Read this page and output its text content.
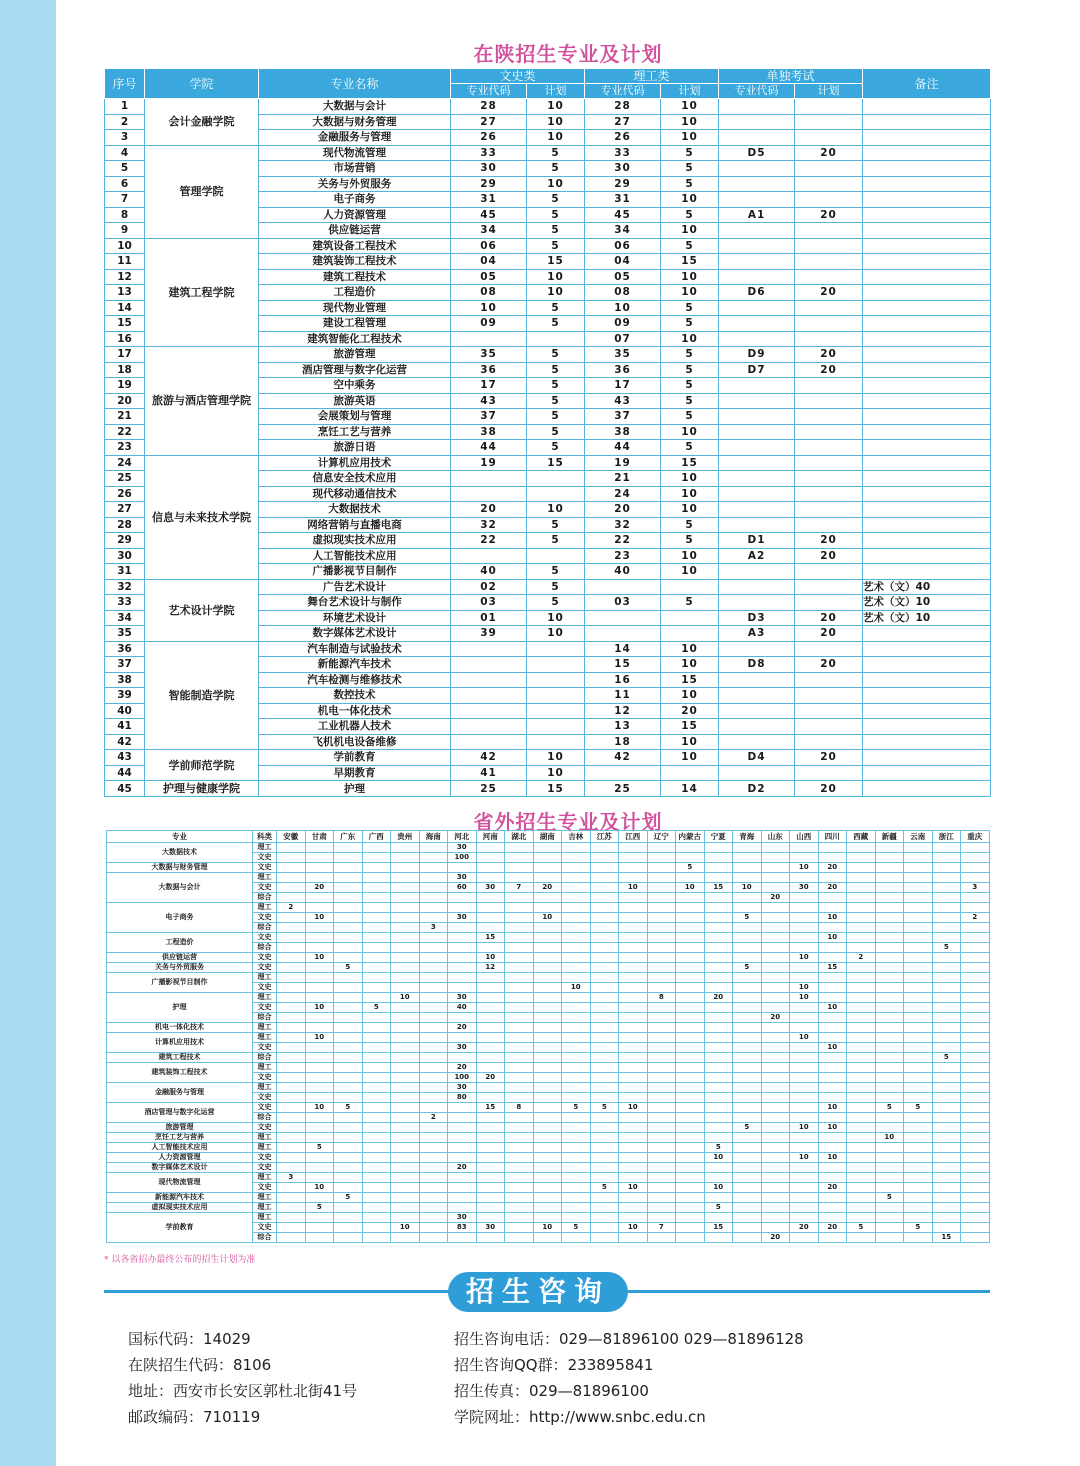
在陕招生专业及计划
序号	学院	专业名称	文史类		理工类		单独考试		备注
			专业代码	计划	专业代码	计划	专业代码	计划	
1	会计金融学院	大数据与会计	28	10	28	10			
2		大数据与财务管理	27	10	27	10			
3		金融服务与管理	26	10	26	10			
4	管理学院	现代物流管理	33	5	33	5	D5	20	
5		市场营销	30	5	30	5			
6		关务与外贸服务	29	10	29	5			
7		电子商务	31	5	31	10			
8		人力资源管理	45	5	45	5	A1	20	
9		供应链运营	34	5	34	10			
10	建筑工程学院	建筑设备工程技术	06	5	06	5			
11		建筑装饰工程技术	04	15	04	15			
12		建筑工程技术	05	10	05	10			
13		工程造价	08	10	08	10	D6	20	
14		现代物业管理	10	5	10	5			
15		建设工程管理	09	5	09	5			
16		建筑智能化工程技术			07	10			
17	旅游与酒店管理学院	旅游管理	35	5	35	5	D9	20	
18		酒店管理与数字化运营	36	5	36	5	D7	20	
19		空中乘务	17	5	17	5			
20		旅游英语	43	5	43	5			
21		会展策划与管理	37	5	37	5			
22		烹饪工艺与营养	38	5	38	10			
23		旅游日语	44	5	44	5			
24	信息与未来技术学院	计算机应用技术	19	15	19	15			
25		信息安全技术应用			21	10			
26		现代移动通信技术			24	10			
27		大数据技术	20	10	20	10			
28		网络营销与直播电商	32	5	32	5			
29		虚拟现实技术应用	22	5	22	5	D1	20	
30		人工智能技术应用			23	10	A2	20	
31		广播影视节目制作	40	5	40	10			
32	艺术设计学院	广告艺术设计	02	5					艺术（文）40
33		舞台艺术设计与制作	03	5	03	5			艺术（文）10
34		环境艺术设计	01	10			D3	20	艺术（文）10
35		数字媒体艺术设计	39	10			A3	20	
36	智能制造学院	汽车制造与试验技术			14	10			
37		新能源汽车技术			15	10	D8	20	
38		汽车检测与维修技术			16	15			
39		数控技术			11	10			
40		机电一体化技术			12	20			
41		工业机器人技术			13	15			
42		飞机机电设备维修			18	10			
43	学前师范学院	学前教育	42	10	42	10	D4	20	
44		早期教育	41	10					
45	护理与健康学院	护理	25	15	25	14	D2	20	
省外招生专业及计划
专业	科类	安徽	甘肃	广东	广西	贵州	海南	河北	河南	湖北	湖南	吉林	江苏	江西	辽宁	内蒙古	宁夏	青海	山东	山西	四川	西藏	新疆	云南	浙江	重庆
大数据技术	理工							30																		
	文史							100																		
大数据与财务管理	文史															5				10	20					
大数据与会计	理工							30																		
	文史		20					60	30	7	20			10		10	15	10		30	20					3
	综合																		20							
电子商务	理工	2																								
	文史		10					30			10							5			10					2
	综合						3																			
工程造价	文史								15												10					
	综合																								5	
供应链运营	文史		10						10											10		2				
关务与外贸服务	文史			5					12									5			15					
广播影视节目制作	理工																									
	文史											10								10						
护理	理工					10		30							8		20			10						
	文史		10		5			40													10					
	综合																		20							
机电一体化技术	理工							20																		
计算机应用技术	理工		10																	10						
	文史							30													10					
建筑工程技术	综合																								5	
建筑装饰工程技术	理工							20																		
	文史							100	20																	
金融服务与管理	理工							30																		
	文史							80																		
酒店管理与数字化运营	文史		10	5					15	8		5	5	10							10		5	5		
	综合						2																			
旅游管理	文史																	5		10	10					
烹饪工艺与营养	理工																						10			
人工智能技术应用	理工		5														5									
人力资源管理	文史																10			10	10					
数字媒体艺术设计	文史							20																		
现代物流管理	理工	3																								
	文史		10										5	10			10				20					
新能源汽车技术	理工			5																			5			
虚拟现实技术应用	理工		5														5									
学前教育	理工							30																		
	文史					10		83	30		10	5		10	7		15			20	20	5		5		
	综合																		20						15	
* 以各省招办最终公布的招生计划为准
招生咨询
国标代码：14029
在陕招生代码：8106
地址：西安市长安区郭杜北街41号
邮政编码：710119
招生咨询电话：029—81896100 029—81896128
招生咨询QQ群：233895841
招生传真：029—81896100
学院网址：http://www.snbc.edu.cn
